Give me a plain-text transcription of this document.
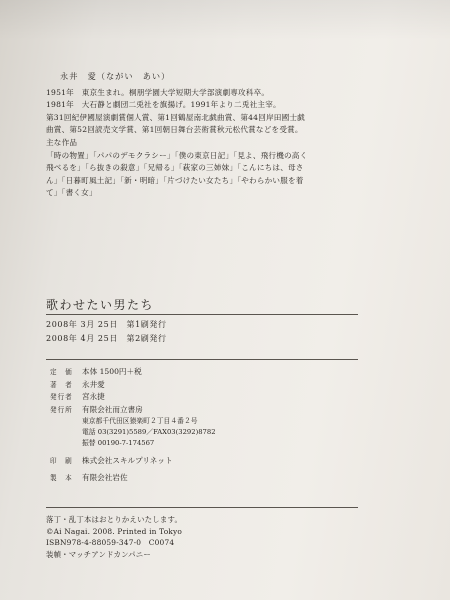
永井　愛（ながい　あい）
1951年　東京生まれ。桐朋学園大学短期大学部演劇専攻科卒。
1981年　大石静と劇団二兎社を旗揚げ。1991年より二兎社主宰。
第31回紀伊國屋演劇賞個人賞、第1回鶴屋南北戯曲賞、第44回岸田國士戯
曲賞、第52回読売文学賞、第1回朝日舞台芸術賞秋元松代賞などを受賞。
主な作品
「時の物置」「パパのデモクラシー」「僕の東京日記」「見よ、飛行機の高く
飛べるを」「ら抜きの殺意」「兄帰る」「萩家の三姉妹」「こんにちは、母さ
ん」「日暮町風土記」「新・明暗」「片づけたい女たち」「やわらかい服を着
て」「書く女」
歌わせたい男たち
2008年 3月 25日　第1刷発行
2008年 4月 25日　第2刷発行
定　価	本体 1500円＋税
著　者	永井愛
発行者	宮永捷
発行所	有限会社而立書房
東京都千代田区猿楽町２丁目４番２号
電話 03(3291)5589／FAX03(3292)8782
振替 00190-7-174567
印　刷	株式会社スキルプリネット
製　本	有限会社岩佐
落丁・乱丁本はおとりかえいたします。
©Ai Nagai. 2008. Printed in Tokyo
ISBN978-4-88059-347-0　C0074
装幀・マッチアンドカンパニー
